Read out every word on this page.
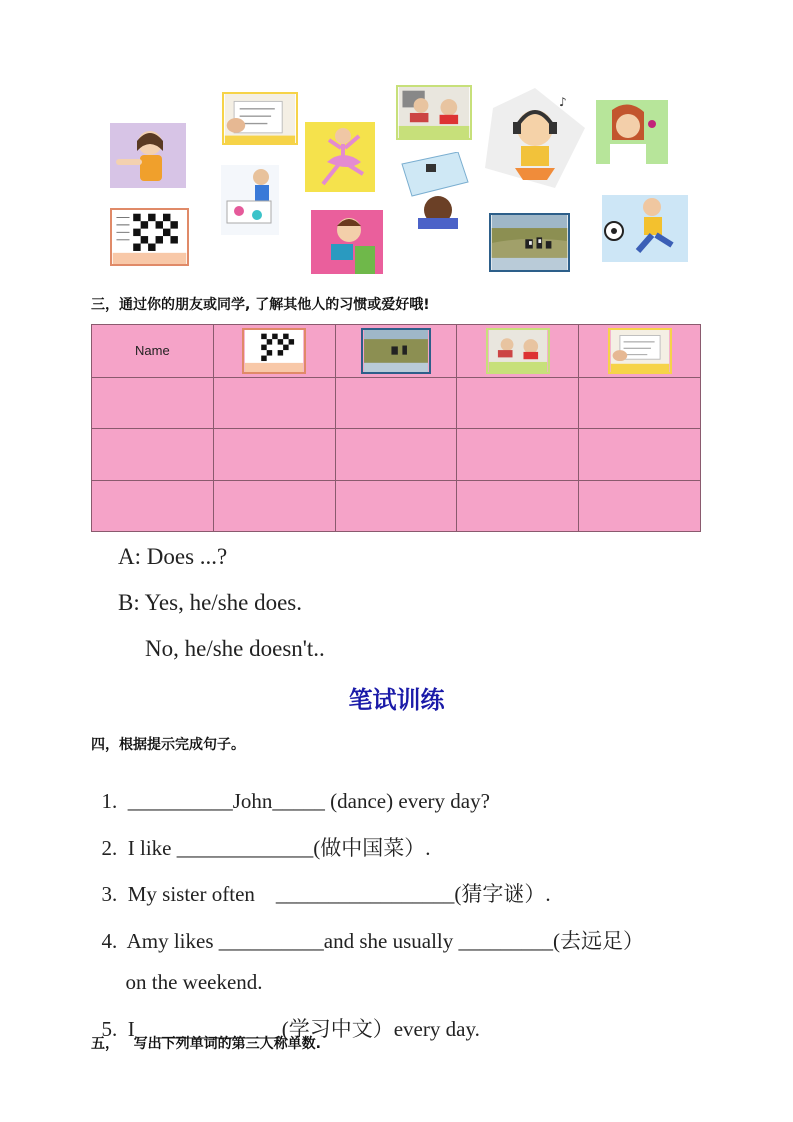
♪
三，通过你的朋友或同学, 了解其他人的习惯或爱好哦!
Name	

A: Does ...?
B: Yes, he/she does.
No, he/she doesn't..
笔试训练
四，根据提示完成句子。

1. __________John_____ (dance) every day?

2. I like _____________(做中国菜）.

3. My sister often    _________________(猜字谜）.

4. Amy likes __________and she usually _________(去远足）

on the weekend.

5. I    ____________(学习中文）every day.

五，   写出下列单词的第三人称单数.
